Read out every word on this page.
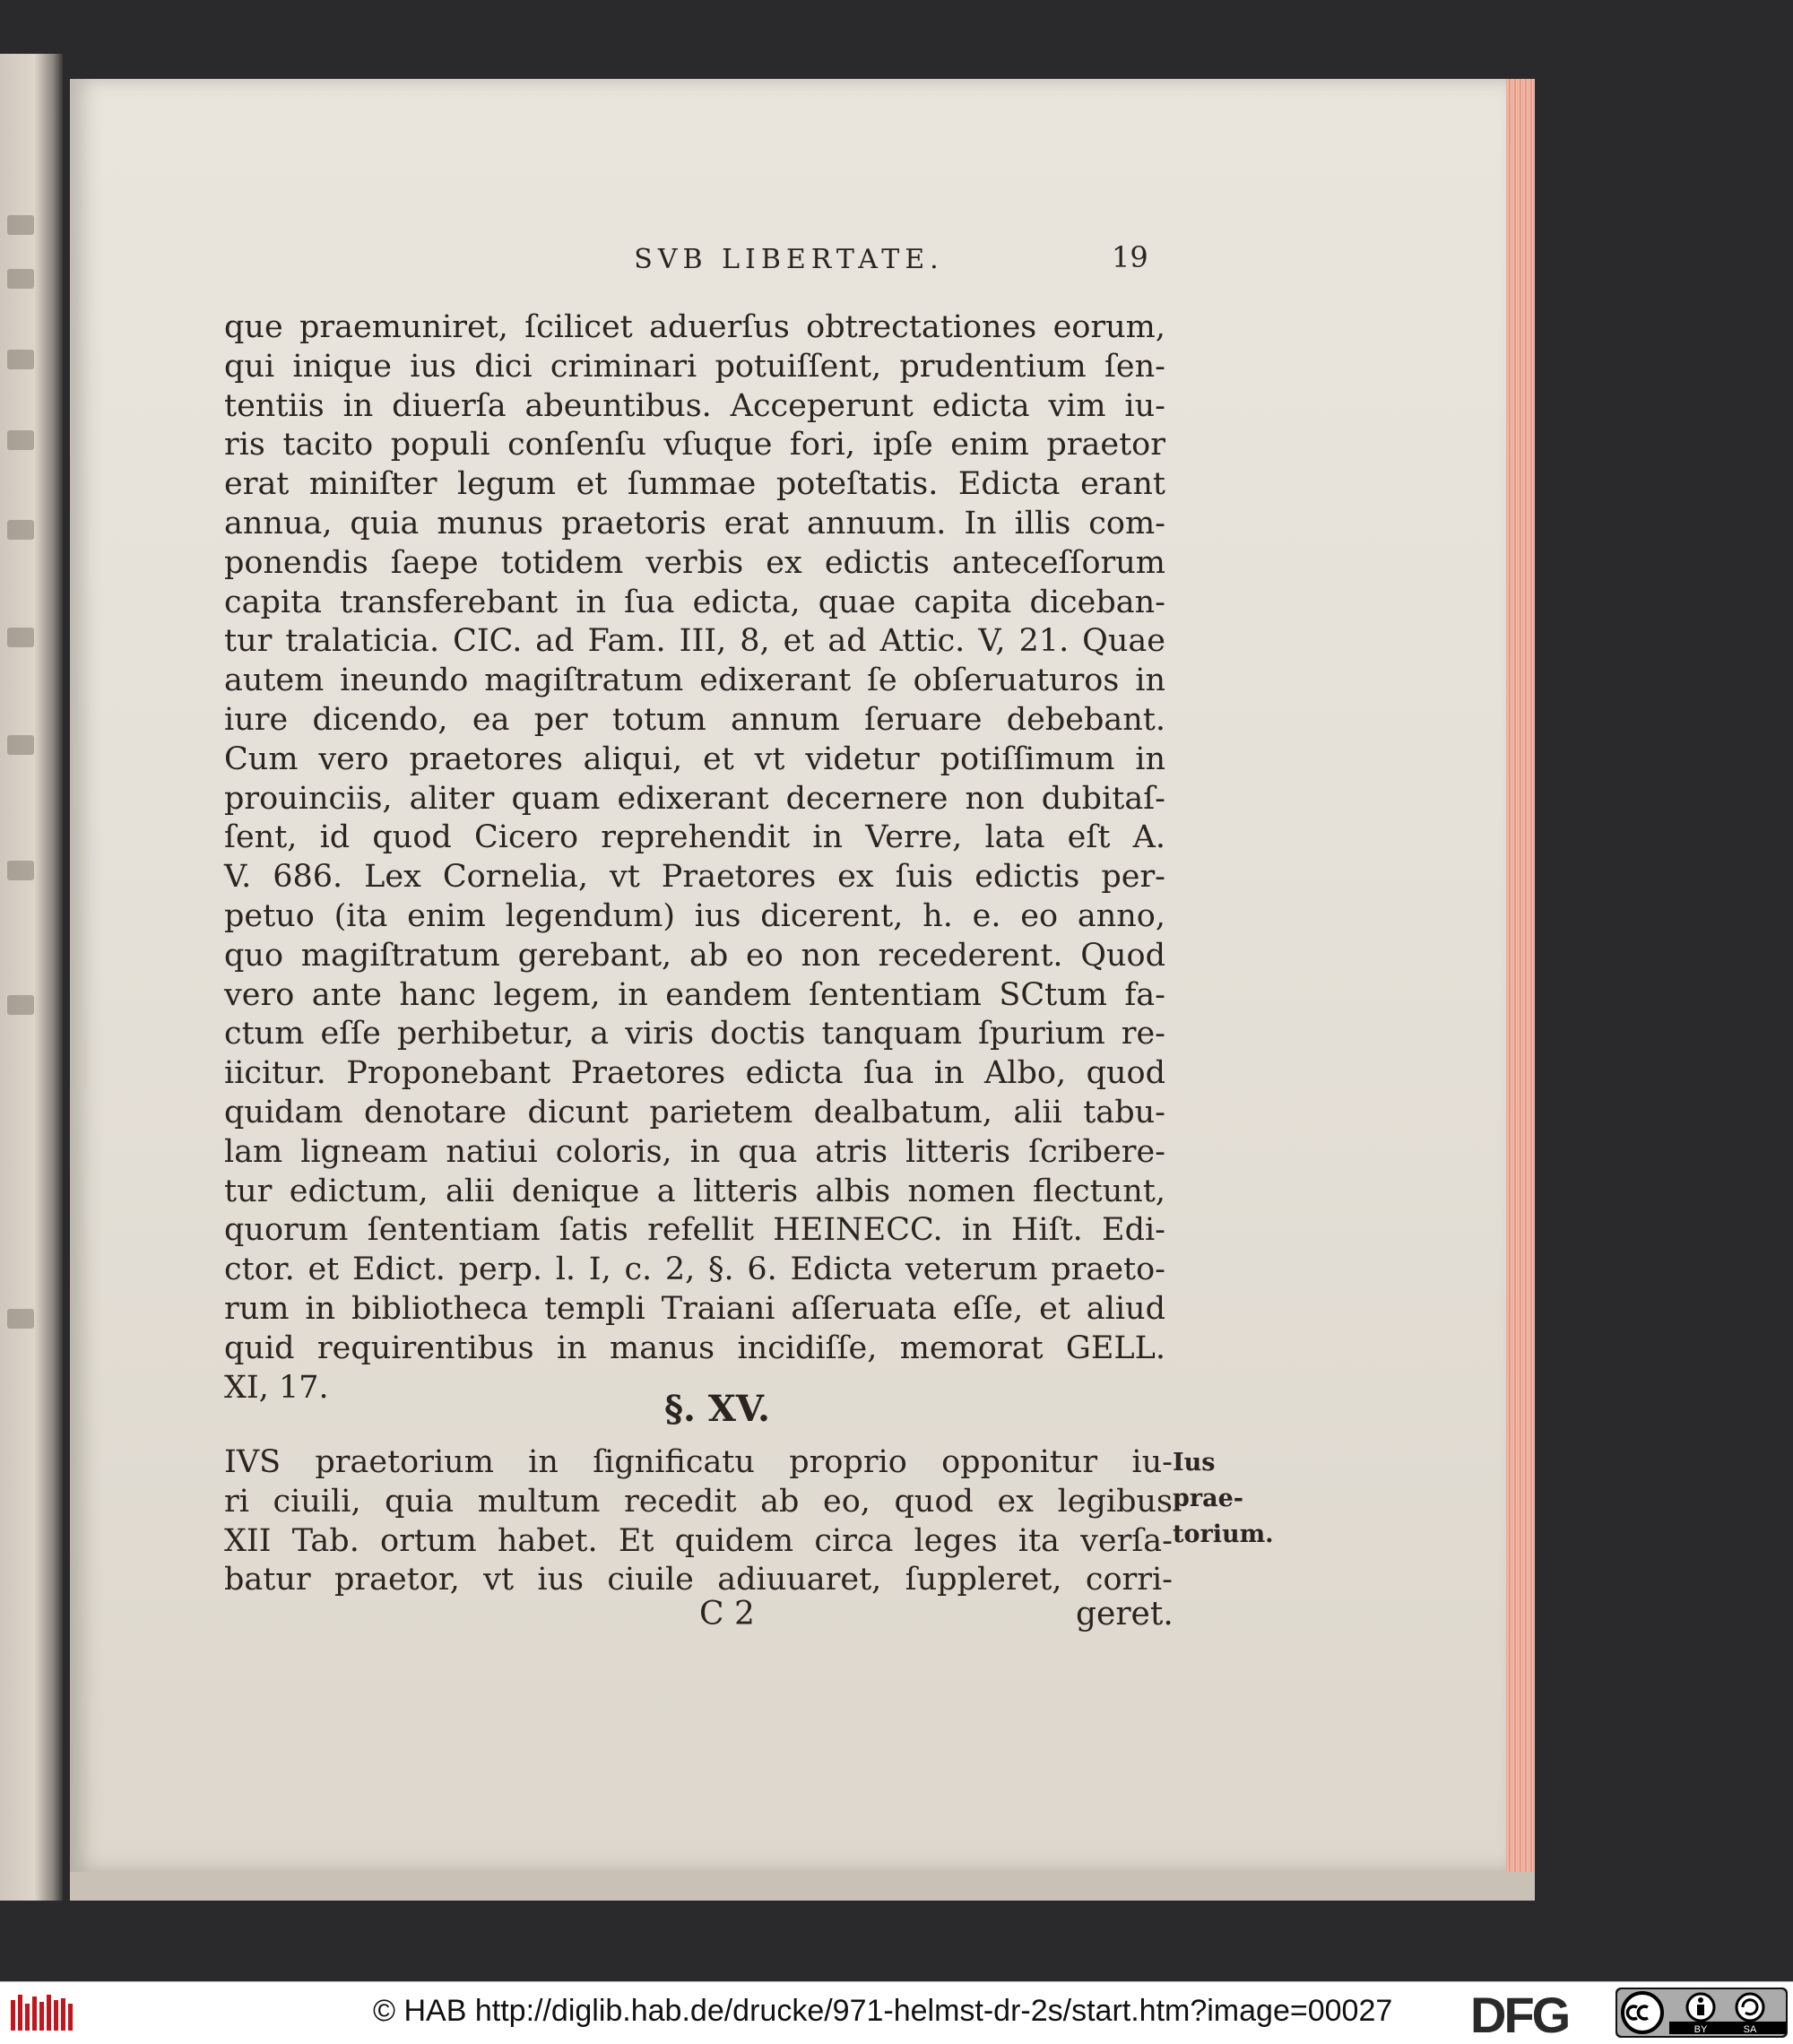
SVB LIBERTATE.	19
que praemuniret, ſcilicet aduerſus obtrectationes eorum,
qui inique ius dici criminari potuiſſent, prudentium ſen-
tentiis in diuerſa abeuntibus. Acceperunt edicta vim iu-
ris tacito populi conſenſu vſuque fori, ipſe enim praetor
erat miniſter legum et ſummae poteſtatis. Edicta erant
annua, quia munus praetoris erat annuum. In illis com-
ponendis ſaepe totidem verbis ex edictis anteceſſorum
capita transferebant in ſua edicta, quae capita diceban-
tur tralaticia. CIC. ad Fam. III, 8, et ad Attic. V, 21. Quae
autem ineundo magiſtratum edixerant ſe obſeruaturos in
iure dicendo, ea per totum annum ſeruare debebant.
Cum vero praetores aliqui, et vt videtur potiſſimum in
prouinciis, aliter quam edixerant decernere non dubitaſ-
ſent, id quod Cicero reprehendit in Verre, lata eſt A.
V. 686. Lex Cornelia, vt Praetores ex ſuis edictis per-
petuo (ita enim legendum) ius dicerent, h. e. eo anno,
quo magiſtratum gerebant, ab eo non recederent. Quod
vero ante hanc legem, in eandem ſententiam SCtum fa-
ctum eſſe perhibetur, a viris doctis tanquam ſpurium re-
iicitur. Proponebant Praetores edicta ſua in Albo, quod
quidam denotare dicunt parietem dealbatum, alii tabu-
lam ligneam natiui coloris, in qua atris litteris ſcribere-
tur edictum, alii denique a litteris albis nomen flectunt,
quorum ſententiam ſatis refellit HEINECC. in Hiſt. Edi-
ctor. et Edict. perp. l. I, c. 2, §. 6. Edicta veterum praeto-
rum in bibliotheca templi Traiani aſſeruata eſſe, et aliud
quid requirentibus in manus incidiſſe, memorat GELL.
XI, 17.
§. XV.
IVS praetorium in ſignificatu proprio opponitur iu-
ri ciuili, quia multum recedit ab eo, quod ex legibus
XII Tab. ortum habet. Et quidem circa leges ita verſa-
batur praetor, vt ius ciuile adiuuaret, ſuppleret, corri-
Ius prae-
torium.
C 2	geret.
© HAB http://diglib.hab.de/drucke/971-helmst-dr-2s/start.htm?image=00027 DFG	BY	SA
